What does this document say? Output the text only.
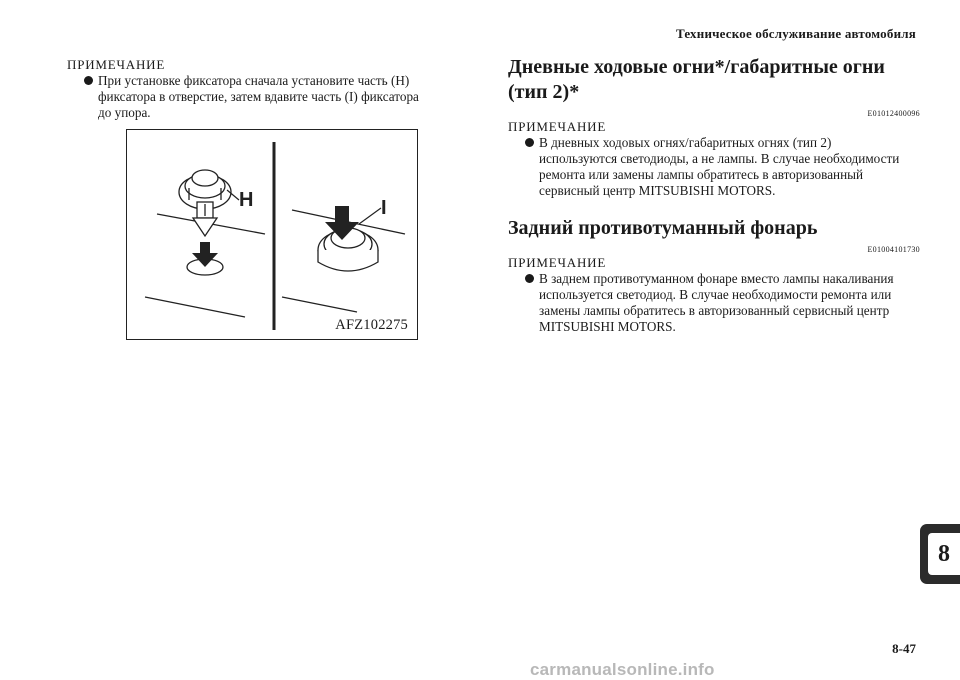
Техническое обслуживание автомобиля
ПРИМЕЧАНИЕ
При установке фиксатора сначала установите часть (H)
фиксатора в отверстие, затем вдавите часть (I) фиксатора
до упора.
H	I
AFZ102275
Дневные ходовые огни*/габаритные огни
(тип 2)*
E01012400096
ПРИМЕЧАНИЕ
В дневных ходовых огнях/габаритных огнях (тип 2)
используются светодиоды, а не лампы. В случае необходимости
ремонта или замены лампы обратитесь в авторизованный
сервисный центр MITSUBISHI MOTORS.
Задний противотуманный фонарь
E01004101730
ПРИМЕЧАНИЕ
В заднем противотуманном фонаре вместо лампы накаливания
используется светодиод. В случае необходимости ремонта или
замены лампы обратитесь в авторизованный сервисный центр
MITSUBISHI MOTORS.
8
8-47
carmanualsonline.info
